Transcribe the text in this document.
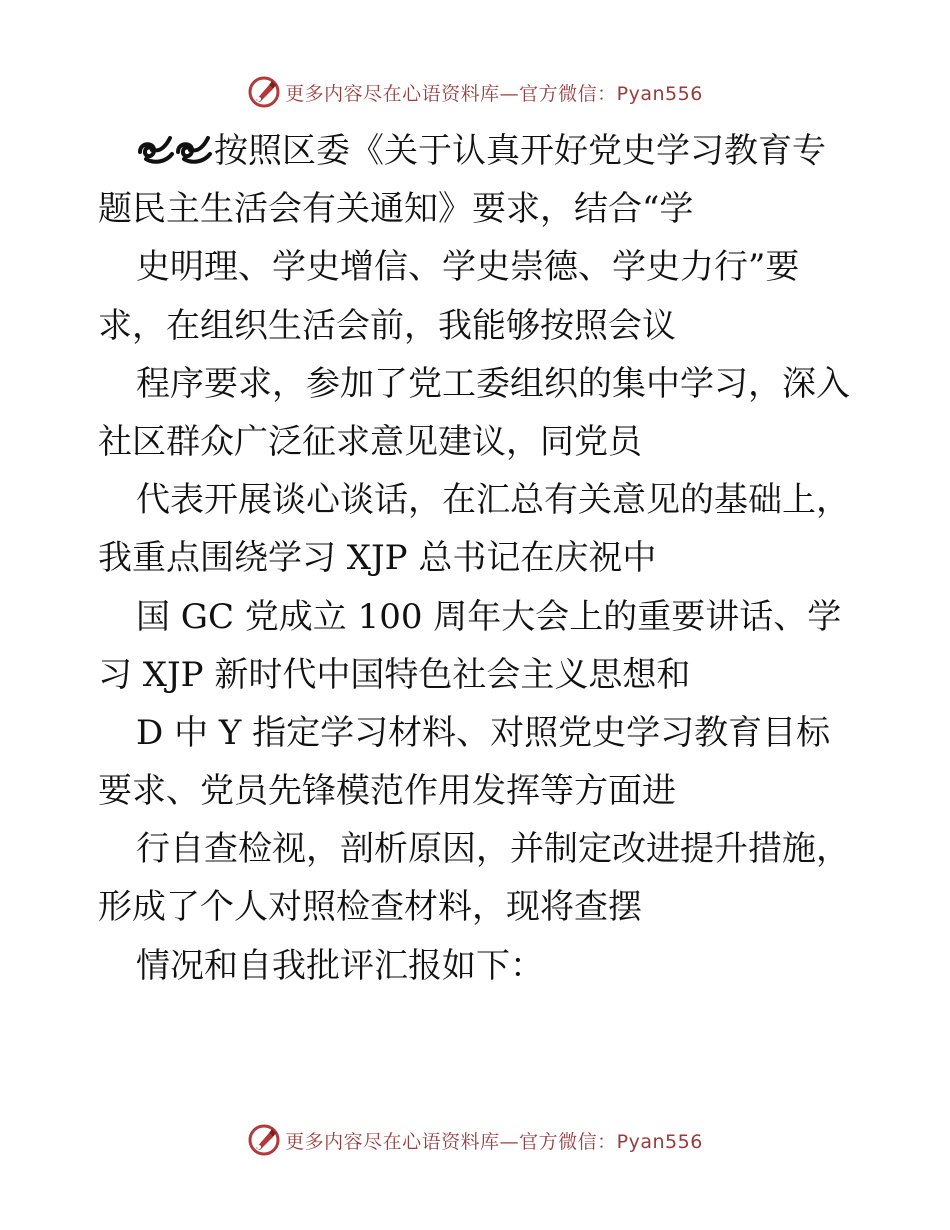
更多内容尽在心语资料库—官方微信：Pyan556
按照区委《关于认真开好党史学习教育专
题民主生活会有关通知》要求，结合“学
史明理、学史增信、学史崇德、学史力行”要
求，在组织生活会前，我能够按照会议
程序要求，参加了党工委组织的集中学习，深入
社区群众广泛征求意见建议，同党员
代表开展谈心谈话，在汇总有关意见的基础上，
我重点围绕学习 XJP 总书记在庆祝中
国 GC 党成立 100 周年大会上的重要讲话、学
习 XJP 新时代中国特色社会主义思想和
D 中 Y 指定学习材料、对照党史学习教育目标
要求、党员先锋模范作用发挥等方面进
行自查检视，剖析原因，并制定改进提升措施，
形成了个人对照检查材料，现将查摆
情况和自我批评汇报如下：
更多内容尽在心语资料库—官方微信：Pyan556
